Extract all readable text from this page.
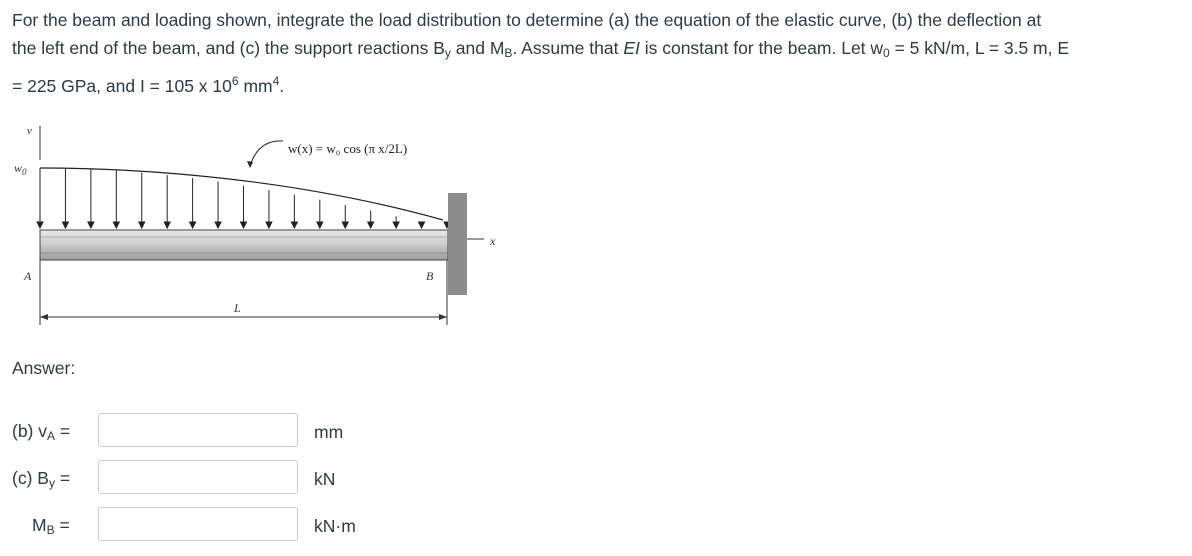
For the beam and loading shown, integrate the load distribution to determine (a) the equation of the elastic curve, (b) the deflection at
the left end of the beam, and (c) the support reactions $B_y$ and $M_B$. Assume that EI is constant for the beam. Let $w_0 = 5$ kN/m, L = 3.5 m, E
= 225 GPa, and I = 105 x $10^6$ $mm^4$.
v
$w_0$
x
A	B
L
w(x) = w₀ cos (π x/2L)
Answer:
(b) $v_A$ =	mm
(c) $B_y$ =	kN
$M_B$ =	kN·m
